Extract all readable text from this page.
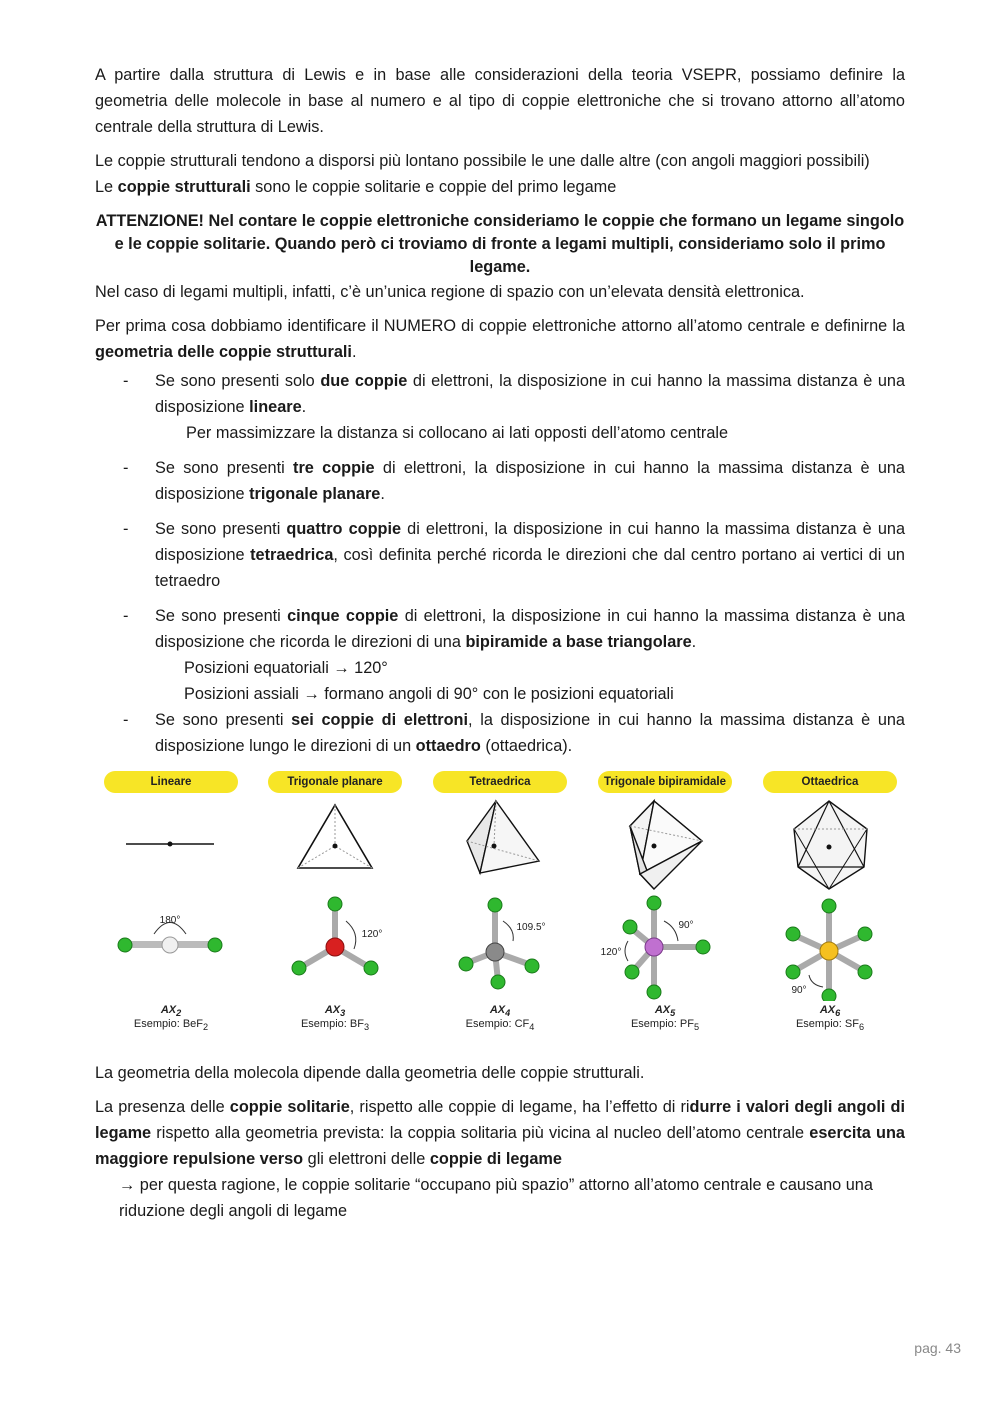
A partire dalla struttura di Lewis e in base alle considerazioni della teoria VSEPR, possiamo definire la geometria delle molecole in base al numero e al tipo di coppie elettroniche che si trovano attorno all’atomo centrale della struttura di Lewis.

Le coppie strutturali tendono a disporsi più lontano possibile le une dalle altre (con angoli maggiori possibili)

Le coppie strutturali sono le coppie solitarie e coppie del primo legame

ATTENZIONE! Nel contare le coppie elettroniche consideriamo le coppie che formano un legame singolo e le coppie solitarie. Quando però ci troviamo di fronte a legami multipli, consideriamo solo il primo legame.

Nel caso di legami multipli, infatti, c’è un’unica regione di spazio con un’elevata densità elettronica.

Per prima cosa dobbiamo identificare il NUMERO di coppie elettroniche attorno all’atomo centrale e definirne la geometria delle coppie strutturali.

- Se sono presenti solo due coppie di elettroni, la disposizione in cui hanno la massima distanza è una disposizione lineare.
Per massimizzare la distanza si collocano ai lati opposti dell’atomo centrale
- Se sono presenti tre coppie di elettroni, la disposizione in cui hanno la massima distanza è una disposizione trigonale planare.
- Se sono presenti quattro coppie di elettroni, la disposizione in cui hanno la massima distanza è una disposizione tetraedrica, così definita perché ricorda le direzioni che dal centro portano ai vertici di un tetraedro
- Se sono presenti cinque coppie di elettroni, la disposizione in cui hanno la massima distanza è una disposizione che ricorda le direzioni di una bipiramide a base triangolare.
Posizioni equatoriali → 120°
Posizioni assiali → formano angoli di 90° con le posizioni equatoriali
- Se sono presenti sei coppie di elettroni, la disposizione in cui hanno la massima distanza è una disposizione lungo le direzioni di un ottaedro (ottaedrica).
Lineare
180°
$AX_2$
Esempio: BeF$_2$
Trigonale planare
120°
$AX_3$
Esempio: $BF_3$
Tetraedrica
109.5°
$AX_4$
Esempio: $CF_4$
Trigonale bipiramidale
90°
120°
$AX_5$
Esempio: $PF_5$
Ottaedrica
90°
$AX_6$
Esempio: $SF_6$

La geometria della molecola dipende dalla geometria delle coppie strutturali.

La presenza delle coppie solitarie, rispetto alle coppie di legame, ha l’effetto di ridurre i valori degli angoli di legame rispetto alla geometria prevista: la coppia solitaria più vicina al nucleo dell’atomo centrale esercita una maggiore repulsione verso gli elettroni delle coppie di legame

→ per questa ragione, le coppie solitarie “occupano più spazio” attorno all’atomo centrale e causano una riduzione degli angoli di legame

pag. 43
